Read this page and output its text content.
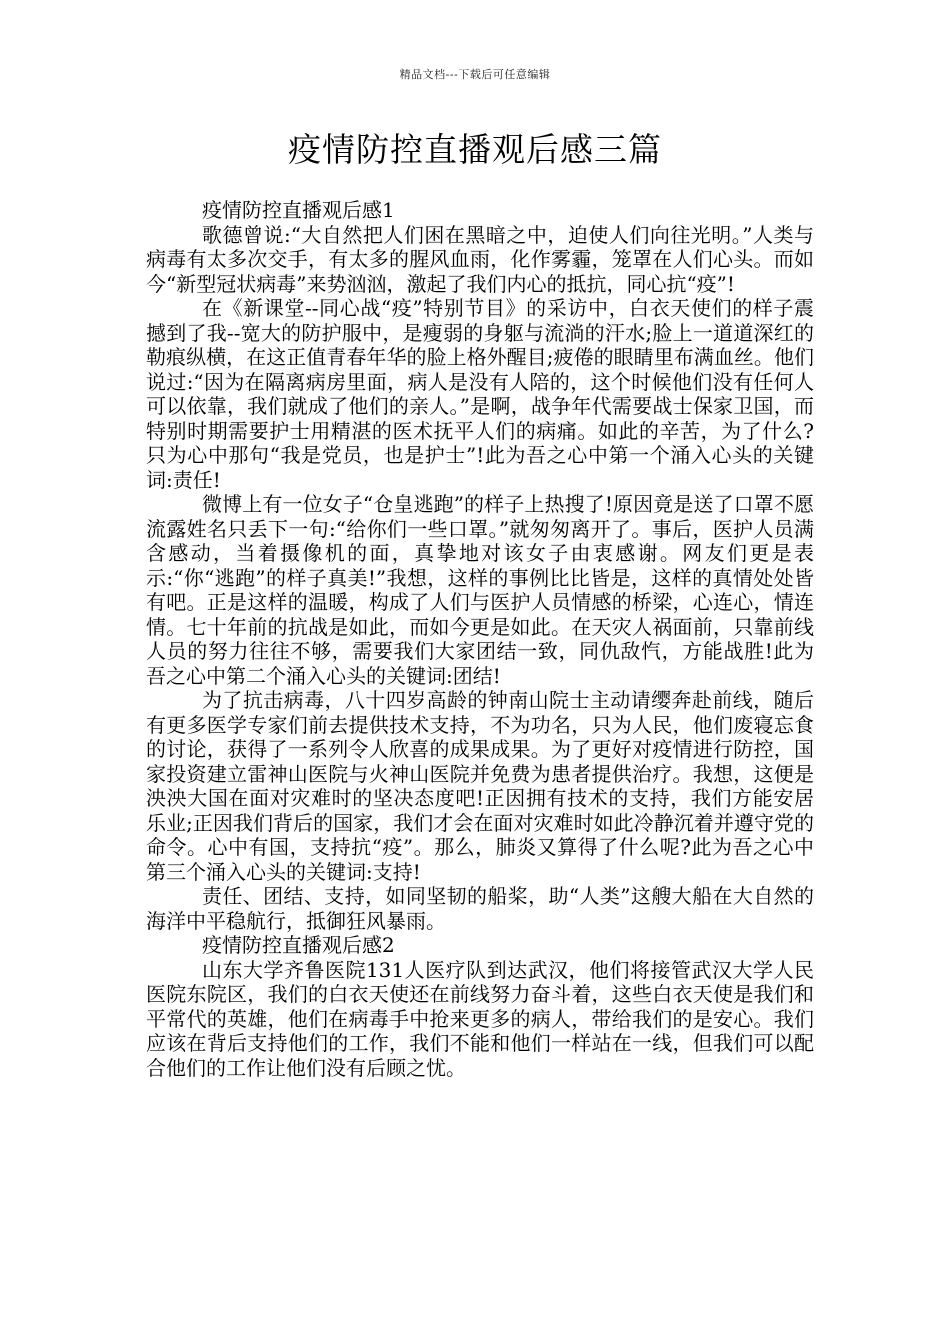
精品文档---下载后可任意编辑
疫情防控直播观后感三篇

疫情防控直播观后感1

歌德曾说:“大自然把人们困在黑暗之中，迫使人们向往光明。”人类与病毒有太多次交手，有太多的腥风血雨，化作雾霾，笼罩在人们心头。而如今“新型冠状病毒”来势汹汹，激起了我们内心的抵抗，同心抗“疫”!

在《新课堂--同心战“疫”特别节目》的采访中，白衣天使们的样子震撼到了我--宽大的防护服中，是瘦弱的身躯与流淌的汗水;脸上一道道深红的勒痕纵横，在这正值青春年华的脸上格外醒目;疲倦的眼睛里布满血丝。他们说过:“因为在隔离病房里面，病人是没有人陪的，这个时候他们没有任何人可以依靠，我们就成了他们的亲人。”是啊，战争年代需要战士保家卫国，而特别时期需要护士用精湛的医术抚平人们的病痛。如此的辛苦，为了什么?只为心中那句“我是党员，也是护士”!此为吾之心中第一个涌入心头的关键词:责任!

微博上有一位女子“仓皇逃跑”的样子上热搜了!原因竟是送了口罩不愿流露姓名只丢下一句:“给你们一些口罩。”就匆匆离开了。事后，医护人员满含感动，当着摄像机的面，真挚地对该女子由衷感谢。网友们更是表示:“你“逃跑”的样子真美!”我想，这样的事例比比皆是，这样的真情处处皆有吧。正是这样的温暖，构成了人们与医护人员情感的桥梁，心连心，情连情。七十年前的抗战是如此，而如今更是如此。在天灾人祸面前，只靠前线人员的努力往往不够，需要我们大家团结一致，同仇敌忾，方能战胜!此为吾之心中第二个涌入心头的关键词:团结!

为了抗击病毒，八十四岁高龄的钟南山院士主动请缨奔赴前线，随后有更多医学专家们前去提供技术支持，不为功名，只为人民，他们废寝忘食的讨论，获得了一系列令人欣喜的成果成果。为了更好对疫情进行防控，国家投资建立雷神山医院与火神山医院并免费为患者提供治疗。我想，这便是泱泱大国在面对灾难时的坚决态度吧!正因拥有技术的支持，我们方能安居乐业;正因我们背后的国家，我们才会在面对灾难时如此冷静沉着并遵守党的命令。心中有国，支持抗“疫”。那么，肺炎又算得了什么呢?此为吾之心中第三个涌入心头的关键词:支持!

责任、团结、支持，如同坚韧的船桨，助“人类”这艘大船在大自然的海洋中平稳航行，抵御狂风暴雨。

疫情防控直播观后感2

山东大学齐鲁医院131人医疗队到达武汉，他们将接管武汉大学人民医院东院区，我们的白衣天使还在前线努力奋斗着，这些白衣天使是我们和平常代的英雄，他们在病毒手中抢来更多的病人，带给我们的是安心。我们应该在背后支持他们的工作，我们不能和他们一样站在一线，但我们可以配合他们的工作让他们没有后顾之忧。
